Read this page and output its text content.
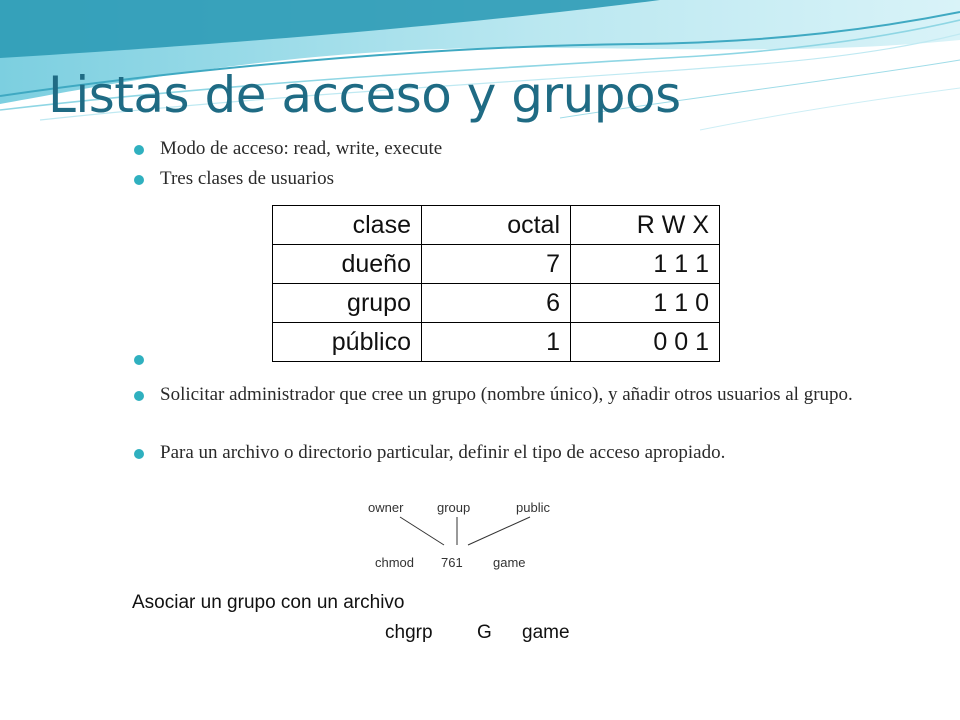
Listas de acceso y grupos
Modo de acceso: read, write, execute
Tres clases de usuarios
Solicitar administrador que cree un grupo (nombre único), y añadir otros usuarios al grupo.
Para un archivo o directorio particular, definir el tipo de acceso apropiado.
clase	octal	R W X
dueño	7	1 1 1
grupo	6	1 1 0
público	1	0 0 1
owner	group	public
chmod 761 game
Asociar un grupo con un archivo
chgrp G game
